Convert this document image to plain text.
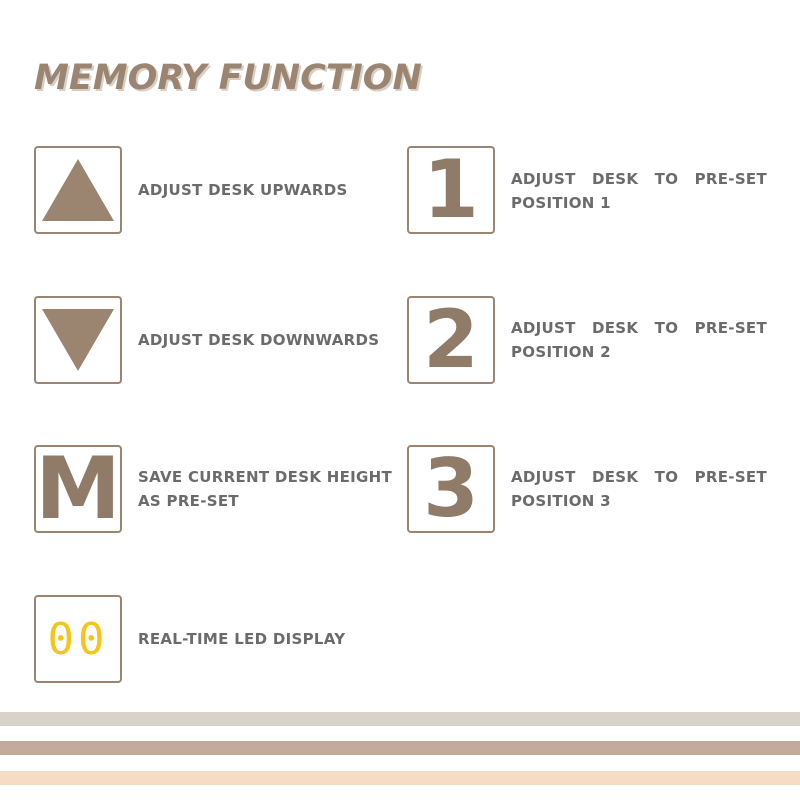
MEMORY FUNCTION
ADJUST DESK UPWARDS
ADJUST DESK DOWNWARDS
M SAVE CURRENT DESK HEIGHT
AS PRE-SET
00 REAL-TIME LED DISPLAY
1 ADJUST DESK TO PRE-SET
POSITION 1
2 ADJUST DESK TO PRE-SET
POSITION 2
3 ADJUST DESK TO PRE-SET
POSITION 3
